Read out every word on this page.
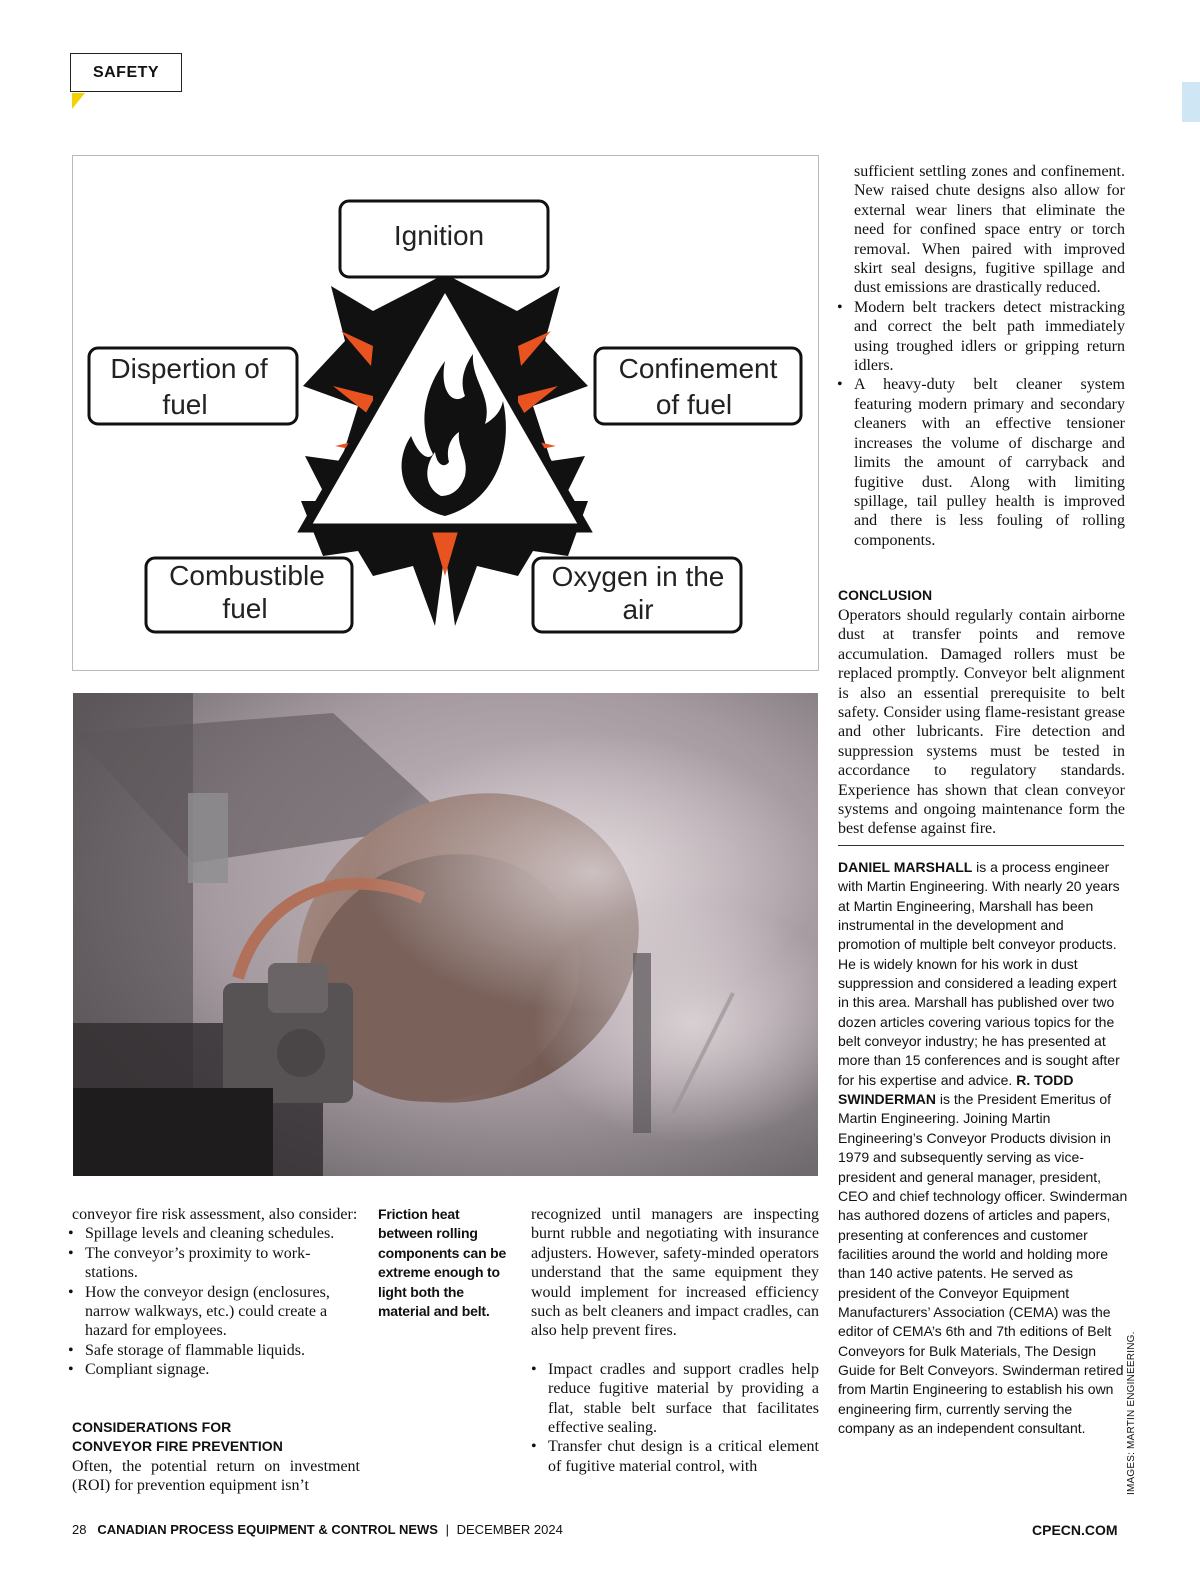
SAFETY
Ignition
Dispertion of
fuel
Confinement
of fuel
Combustible
fuel
Oxygen in the
air
conveyor fire risk assessment, also consider:
• Spillage levels and cleaning schedules.
• The conveyor’s proximity to work-stations.
• How the conveyor design (enclosures, narrow walkways, etc.) could create a hazard for employees.
• Safe storage of flammable liquids.
• Compliant signage.
CONSIDERATIONS FOR
CONVEYOR FIRE PREVENTION
Often, the potential return on investment (ROI) for prevention equipment isn’t
Friction heat between rolling components can be extreme enough to light both the material and belt.
recognized until managers are inspecting burnt rubble and negotiating with insurance adjusters. However, safety-minded operators understand that the same equipment they would implement for increased efficiency such as belt cleaners and impact cradles, can also help prevent fires.
• Impact cradles and support cradles help reduce fugitive material by providing a flat, stable belt surface that facilitates effective sealing.
• Transfer chut design is a critical element of fugitive material control, with
sufficient settling zones and confinement. New raised chute designs also allow for external wear liners that eliminate the need for confined space entry or torch removal. When paired with improved skirt seal designs, fugitive spillage and dust emissions are drastically reduced.
• Modern belt trackers detect mistracking and correct the belt path immediately using troughed idlers or gripping return idlers.
• A heavy-duty belt cleaner system featuring modern primary and secondary cleaners with an effective tensioner increases the volume of discharge and limits the amount of carryback and fugitive dust. Along with limiting spillage, tail pulley health is improved and there is less fouling of rolling components.
CONCLUSION
Operators should regularly contain airborne dust at transfer points and remove accumulation. Damaged rollers must be replaced promptly. Conveyor belt alignment is also an essential prerequisite to belt safety. Consider using flame-resistant grease and other lubricants. Fire detection and suppression systems must be tested in accordance to regulatory standards. Experience has shown that clean conveyor systems and ongoing maintenance form the best defense against fire.
DANIEL MARSHALL is a process engineer with Martin Engineering. With nearly 20 years at Martin Engineering, Marshall has been instrumental in the development and promotion of multiple belt conveyor products. He is widely known for his work in dust suppression and considered a leading expert in this area. Marshall has published over two dozen articles covering various topics for the belt conveyor industry; he has presented at more than 15 conferences and is sought after for his expertise and advice. R. TODD SWINDERMAN is the President Emeritus of Martin Engineering. Joining Martin Engineering’s Conveyor Products division in 1979 and subsequently serving as vice-president and general manager, president, CEO and chief technology officer. Swinderman has authored dozens of articles and papers, presenting at conferences and customer facilities around the world and holding more than 140 active patents. He served as president of the Conveyor Equipment Manufacturers’ Association (CEMA) was the editor of CEMA’s 6th and 7th editions of Belt Conveyors for Bulk Materials, The Design Guide for Belt Conveyors. Swinderman retired from Martin Engineering to establish his own engineering firm, currently serving the company as an independent consultant.	IMAGES: MARTIN ENGINEERING.
28 CANADIAN PROCESS EQUIPMENT & CONTROL NEWS | DECEMBER 2024	CPECN.COM
